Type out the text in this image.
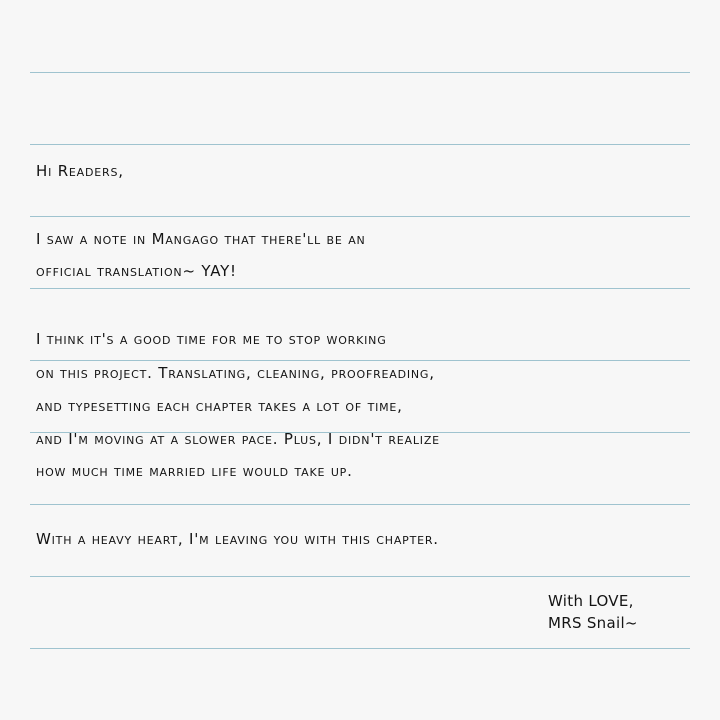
Hi Readers,
I saw a note in Mangago that there'll be an
official translation~ YAY!
I think it's a good time for me to stop working
on this project. Translating, cleaning, proofreading,
and typesetting each chapter takes a lot of time,
and I'm moving at a slower pace. Plus, I didn't realize
how much time married life would take up.
With a heavy heart, I'm leaving you with this chapter.
With LOVE,
MRS Snail~
